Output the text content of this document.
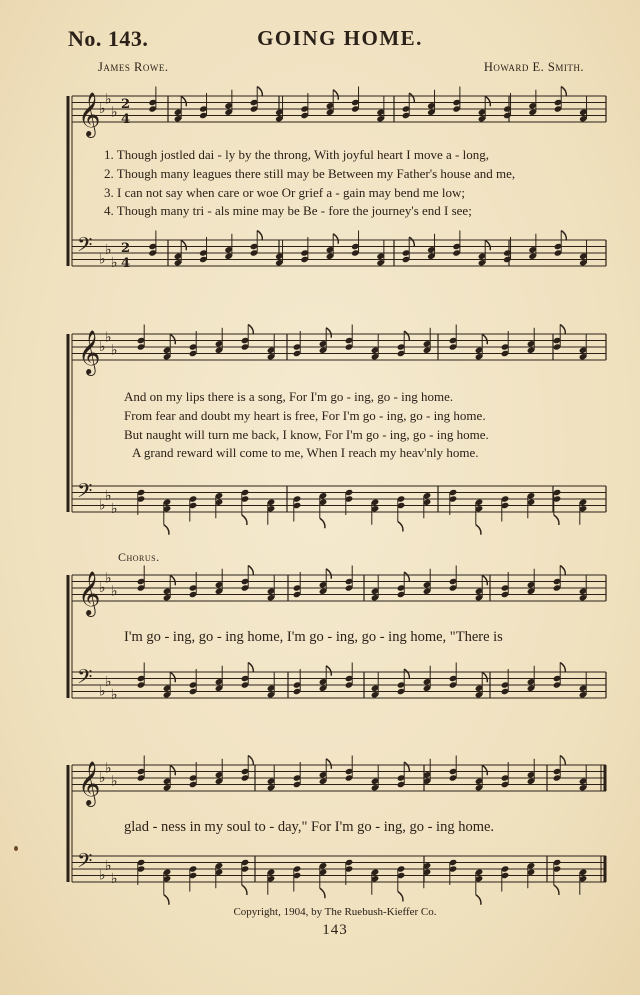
No. 143.	GOING HOME.
James Rowe.	Howard E. Smith.
𝄞
♭
♭
♭ 2
4
𝄢 ♭
♭
♭
2
4
𝄞
♭
♭
♭
𝄢 ♭
♭
♭
𝄞
♭
♭
♭
𝄢 ♭
♭
♭
𝄞
♭
♭
♭
𝄢 ♭
♭
♭
1. Though jostled dai - ly by the throng, With joyful heart I move a - long,
2. Though many leagues there still may be Between my Father's house and me,
3. I can not say when care or woe Or grief a - gain may bend me low;
4. Though many tri - als mine may be Be - fore the journey's end I see;
And on my lips there is a song, For I'm go - ing, go - ing home.
From fear and doubt my heart is free, For I'm go - ing, go - ing home.
But naught will turn me back, I know, For I'm go - ing, go - ing home.
A grand reward will come to me, When I reach my heav'nly home.
Chorus.
I'm go - ing, go - ing home, I'm go - ing, go - ing home, "There is
glad - ness in my soul to - day," For I'm go - ing, go - ing home.
Copyright, 1904, by The Ruebush-Kieffer Co.
143
